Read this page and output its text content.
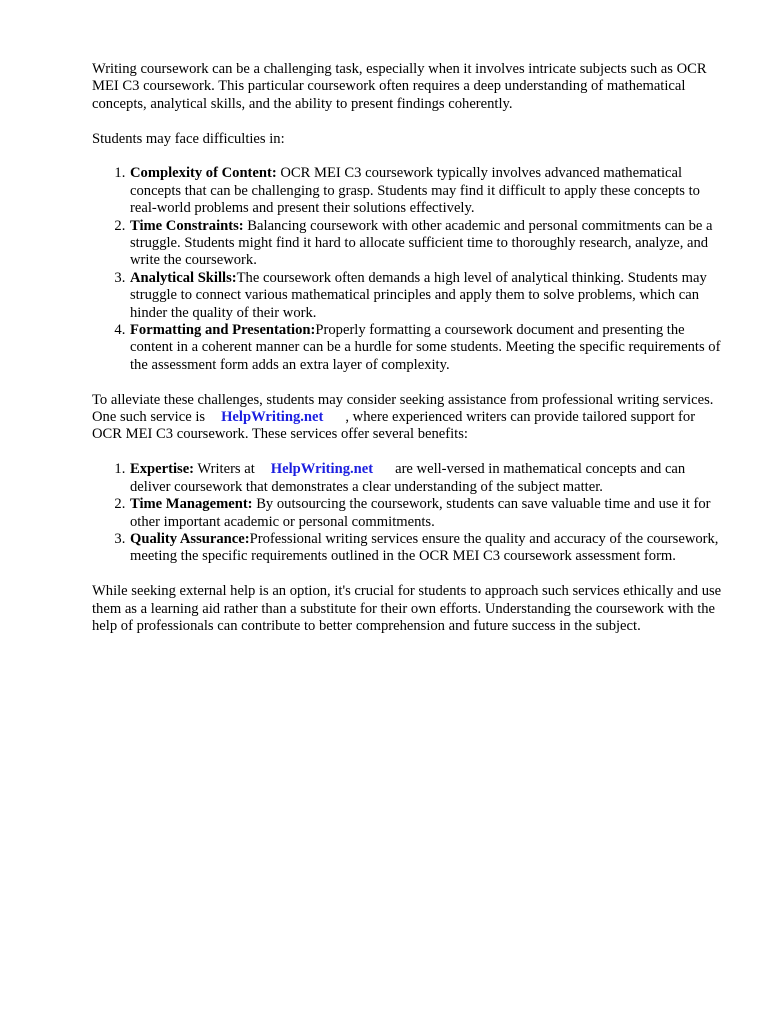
Writing coursework can be a challenging task, especially when it involves intricate subjects such as OCR MEI C3 coursework. This particular coursework often requires a deep understanding of mathematical concepts, analytical skills, and the ability to present findings coherently.

Students may face difficulties in:

1. Complexity of Content: OCR MEI C3 coursework typically involves advanced mathematical concepts that can be challenging to grasp. Students may find it difficult to apply these concepts to real-world problems and present their solutions effectively.
2. Time Constraints: Balancing coursework with other academic and personal commitments can be a struggle. Students might find it hard to allocate sufficient time to thoroughly research, analyze, and write the coursework.
3. Analytical Skills:The coursework often demands a high level of analytical thinking. Students may struggle to connect various mathematical principles and apply them to solve problems, which can hinder the quality of their work.
4. Formatting and Presentation:Properly formatting a coursework document and presenting the content in a coherent manner can be a hurdle for some students. Meeting the specific requirements of the assessment form adds an extra layer of complexity.

To alleviate these challenges, students may consider seeking assistance from professional writing services. One such service is HelpWriting.net , where experienced writers can provide tailored support for OCR MEI C3 coursework. These services offer several benefits:

1. Expertise: Writers at HelpWriting.net are well-versed in mathematical concepts and can deliver coursework that demonstrates a clear understanding of the subject matter.
2. Time Management: By outsourcing the coursework, students can save valuable time and use it for other important academic or personal commitments.
3. Quality Assurance:Professional writing services ensure the quality and accuracy of the coursework, meeting the specific requirements outlined in the OCR MEI C3 coursework assessment form.

While seeking external help is an option, it's crucial for students to approach such services ethically and use them as a learning aid rather than a substitute for their own efforts. Understanding the coursework with the help of professionals can contribute to better comprehension and future success in the subject.
